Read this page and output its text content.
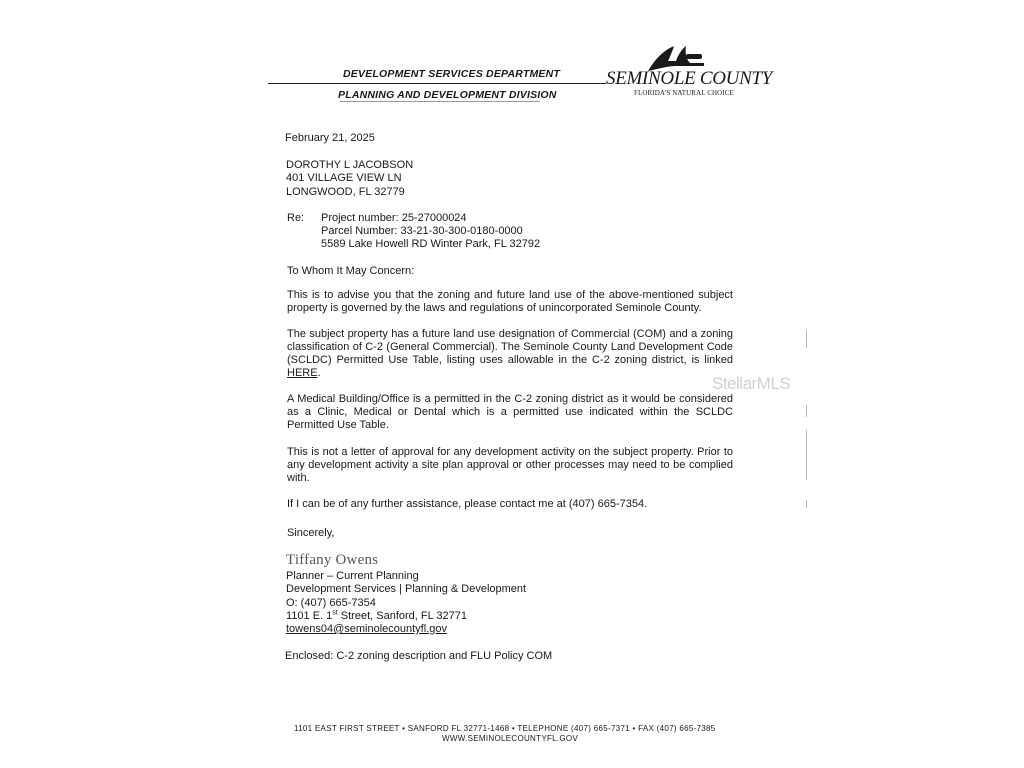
DEVELOPMENT SERVICES DEPARTMENT
PLANNING AND DEVELOPMENT DIVISION
SEMINOLE COUNTY
FLORIDA'S NATURAL CHOICE
February 21, 2025
DOROTHY L JACOBSON
401 VILLAGE VIEW LN
LONGWOOD, FL 32779
Re: Project number: 25-27000024
Parcel Number: 33-21-30-300-0180-0000
5589 Lake Howell RD Winter Park, FL 32792
To Whom It May Concern:
This is to advise you that the zoning and future land use of the above-mentioned subject property is governed by the laws and regulations of unincorporated Seminole County.
The subject property has a future land use designation of Commercial (COM) and a zoning classification of C-2 (General Commercial). The Seminole County Land Development Code (SCLDC) Permitted Use Table, listing uses allowable in the C-2 zoning district, is linked HERE.
A Medical Building/Office is a permitted in the C-2 zoning district as it would be considered as a Clinic, Medical or Dental which is a permitted use indicated within the SCLDC Permitted Use Table.
This is not a letter of approval for any development activity on the subject property. Prior to any development activity a site plan approval or other processes may need to be complied with.
If I can be of any further assistance, please contact me at (407) 665-7354.
Sincerely,
Tiffany Owens
Planner – Current Planning
Development Services | Planning & Development
O: (407) 665-7354
1101 E. 1st Street, Sanford, FL 32771
towens04@seminolecountyfl.gov
Enclosed: C-2 zoning description and FLU Policy COM
StellarMLS
1101 EAST FIRST STREET • SANFORD FL 32771-1468 • TELEPHONE (407) 665-7371 • FAX (407) 665-7385
WWW.SEMINOLECOUNTYFL.GOV
